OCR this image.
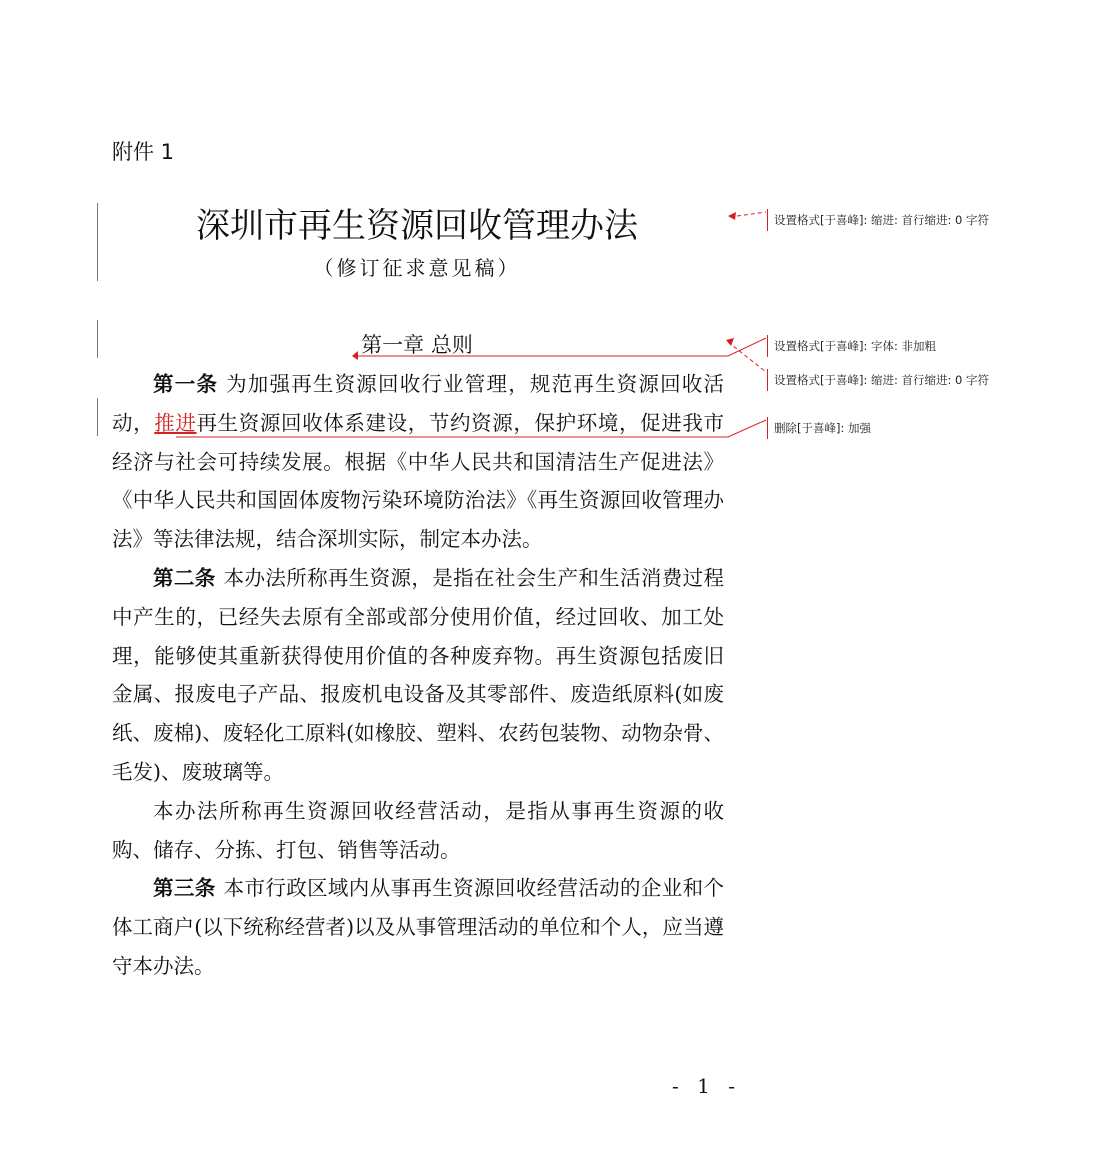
附件 1
深圳市再生资源回收管理办法
（修订征求意见稿）
第一章 总则

第一条 为加强再生资源回收行业管理，规范再生资源回收活动，推进再生资源回收体系建设，节约资源，保护环境，促进我市经济与社会可持续发展。根据《中华人民共和国清洁生产促进法》《中华人民共和国固体废物污染环境防治法》《再生资源回收管理办法》等法律法规，结合深圳实际，制定本办法。

第二条 本办法所称再生资源，是指在社会生产和生活消费过程中产生的，已经失去原有全部或部分使用价值，经过回收、加工处理，能够使其重新获得使用价值的各种废弃物。再生资源包括废旧金属、报废电子产品、报废机电设备及其零部件、废造纸原料(如废纸、废棉)、废轻化工原料(如橡胶、塑料、农药包装物、动物杂骨、毛发)、废玻璃等。

本办法所称再生资源回收经营活动，是指从事再生资源的收购、储存、分拣、打包、销售等活动。

第三条 本市行政区域内从事再生资源回收经营活动的企业和个体工商户(以下统称经营者)以及从事管理活动的单位和个人，应当遵守本办法。

设置格式[于喜峰]: 缩进: 首行缩进: 0 字符
设置格式[于喜峰]: 字体: 非加粗
设置格式[于喜峰]: 缩进: 首行缩进: 0 字符
删除[于喜峰]: 加强
- 1 -
